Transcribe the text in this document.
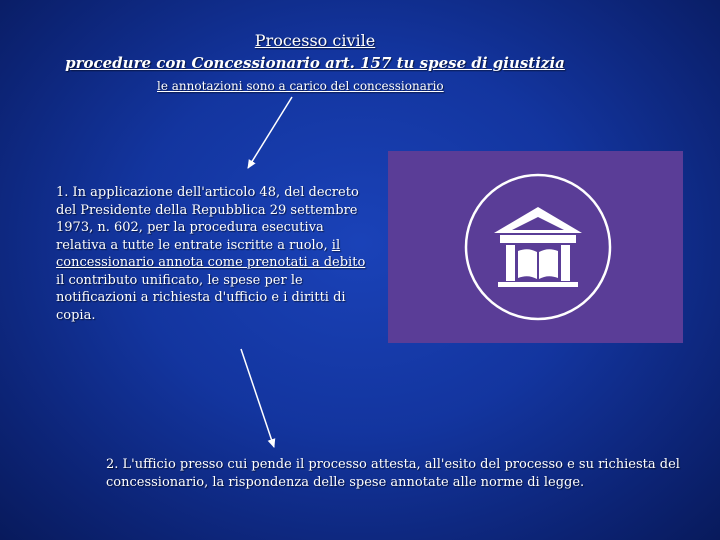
Processo civile
procedure con Concessionario art. 157 tu spese di giustizia
le annotazioni sono a carico del concessionario
1. In applicazione dell'articolo 48, del decreto del Presidente della Repubblica 29 settembre 1973, n. 602, per la procedura esecutiva relativa a tutte le entrate iscritte a ruolo, il concessionario annota come prenotati a debito il contributo unificato, le spese per le notificazioni a richiesta d'ufficio e i diritti di copia.
2. L'ufficio presso cui pende il processo attesta, all'esito del processo e su richiesta del concessionario, la rispondenza delle spese annotate alle norme di legge.
